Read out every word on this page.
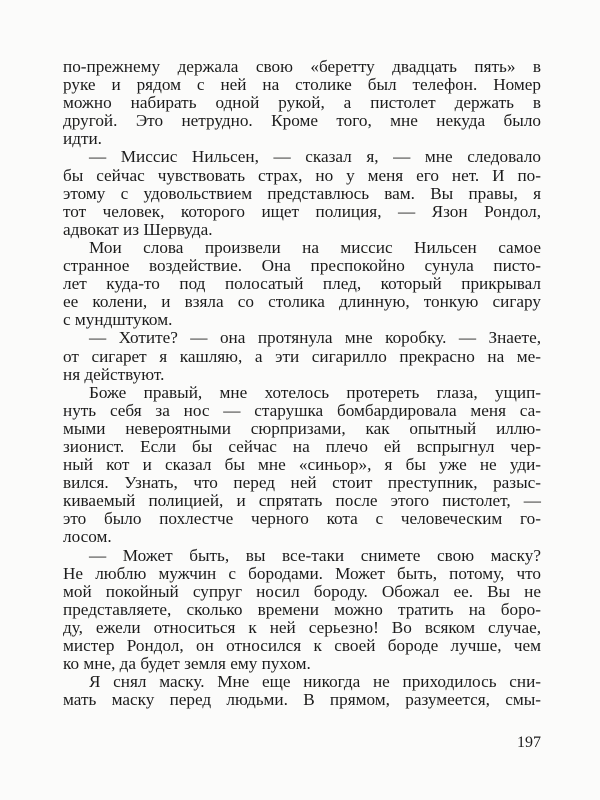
по-прежнему держала свою «беретту двадцать пять» в
руке и рядом с ней на столике был телефон. Номер
можно набирать одной рукой, а пистолет держать в
другой. Это нетрудно. Кроме того, мне некуда было
идти.
— Миссис Нильсен, — сказал я, — мне следовало
бы сейчас чувствовать страх, но у меня его нет. И по-
этому с удовольствием представлюсь вам. Вы правы, я
тот человек, которого ищет полиция, — Язон Рондол,
адвокат из Шервуда.
Мои слова произвели на миссис Нильсен самое
странное воздействие. Она преспокойно сунула писто-
лет куда-то под полосатый плед, который прикрывал
ее колени, и взяла со столика длинную, тонкую сигару
с мундштуком.
— Хотите? — она протянула мне коробку. — Знаете,
от сигарет я кашляю, а эти сигарилло прекрасно на ме-
ня действуют.
Боже правый, мне хотелось протереть глаза, ущип-
нуть себя за нос — старушка бомбардировала меня са-
мыми невероятными сюрпризами, как опытный иллю-
зионист. Если бы сейчас на плечо ей вспрыгнул чер-
ный кот и сказал бы мне «синьор», я бы уже не уди-
вился. Узнать, что перед ней стоит преступник, разыс-
киваемый полицией, и спрятать после этого пистолет, —
это было похлестче черного кота с человеческим го-
лосом.
— Может быть, вы все-таки снимете свою маску?
Не люблю мужчин с бородами. Может быть, потому, что
мой покойный супруг носил бороду. Обожал ее. Вы не
представляете, сколько времени можно тратить на боро-
ду, ежели относиться к ней серьезно! Во всяком случае,
мистер Рондол, он относился к своей бороде лучше, чем
ко мне, да будет земля ему пухом.
Я снял маску. Мне еще никогда не приходилось сни-
мать маску перед людьми. В прямом, разумеется, смы-
197
